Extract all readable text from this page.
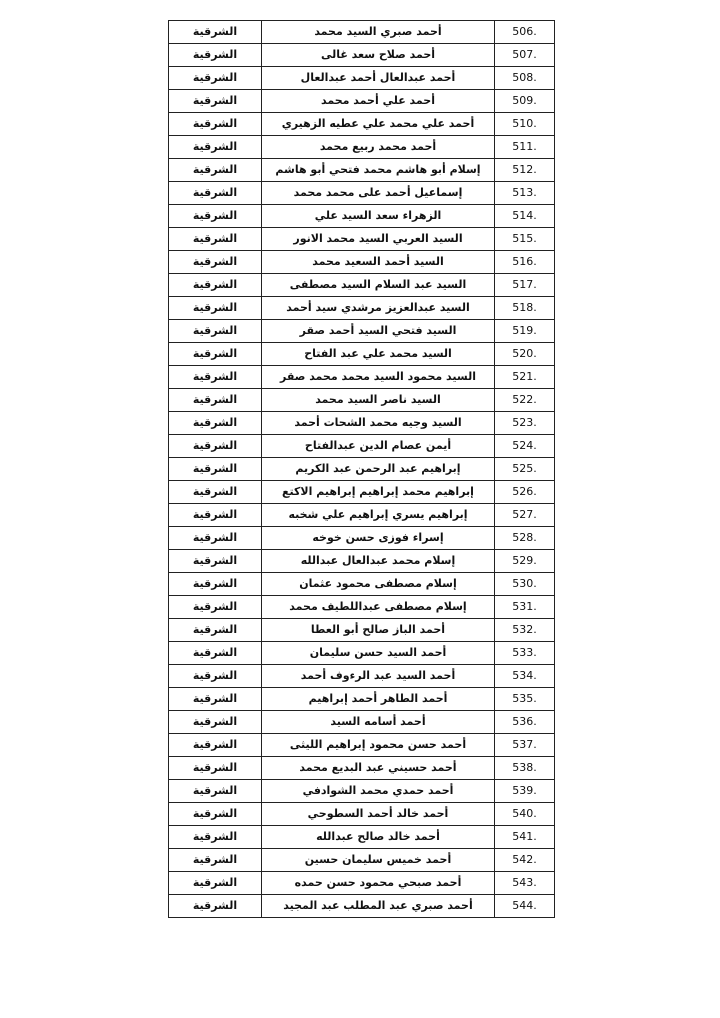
الشرقية	أحمد صبري السيد محمد	506.
الشرقية	أحمد صلاح سعد غالى	507.
الشرقية	أحمد عبدالعال أحمد عبدالعال	508.
الشرقية	أحمد علي أحمد محمد	509.
الشرقية	أحمد علي محمد علي عطيه الزهيري	510.
الشرقية	أحمد محمد ربيع محمد	511.
الشرقية	إسلام أبو هاشم محمد فتحي أبو هاشم	512.
الشرقية	إسماعيل أحمد على محمد محمد	513.
الشرقية	الزهراء سعد السيد علي	514.
الشرقية	السيد العربي السيد محمد الانور	515.
الشرقية	السيد أحمد السعيد محمد	516.
الشرقية	السيد عبد السلام السيد مصطفى	517.
الشرقية	السيد عبدالعزيز مرشدي سيد أحمد	518.
الشرقية	السيد فتحي السيد أحمد صقر	519.
الشرقية	السيد محمد علي عبد الفتاح	520.
الشرقية	السيد محمود السيد محمد محمد صقر	521.
الشرقية	السيد ناصر السيد محمد	522.
الشرقية	السيد وجيه محمد الشحات أحمد	523.
الشرقية	أيمن عصام الدين عبدالفتاح	524.
الشرقية	إبراهيم عبد الرحمن عبد الكريم	525.
الشرقية	إبراهيم محمد إبراهيم إبراهيم الاكتع	526.
الشرقية	إبراهيم يسري إبراهيم علي شخبه	527.
الشرقية	إسراء فوزى حسن خوخه	528.
الشرقية	إسلام محمد عبدالعال عبدالله	529.
الشرقية	إسلام مصطفى محمود عثمان	530.
الشرقية	إسلام مصطفى عبداللطيف محمد	531.
الشرقية	أحمد الباز صالح أبو العطا	532.
الشرقية	أحمد السيد حسن سليمان	533.
الشرقية	أحمد السيد عبد الرءوف أحمد	534.
الشرقية	أحمد الطاهر أحمد إبراهيم	535.
الشرقية	أحمد أسامه السيد	536.
الشرقية	أحمد حسن محمود إبراهيم الليثى	537.
الشرقية	أحمد حسيني عبد البديع محمد	538.
الشرقية	أحمد حمدي محمد الشوادفي	539.
الشرقية	أحمد خالد أحمد السطوحي	540.
الشرقية	أحمد خالد صالح عبدالله	541.
الشرقية	أحمد خميس سليمان حسين	542.
الشرقية	أحمد صبحي محمود حسن حمده	543.
الشرقية	أحمد صبري عبد المطلب عبد المجيد	544.
